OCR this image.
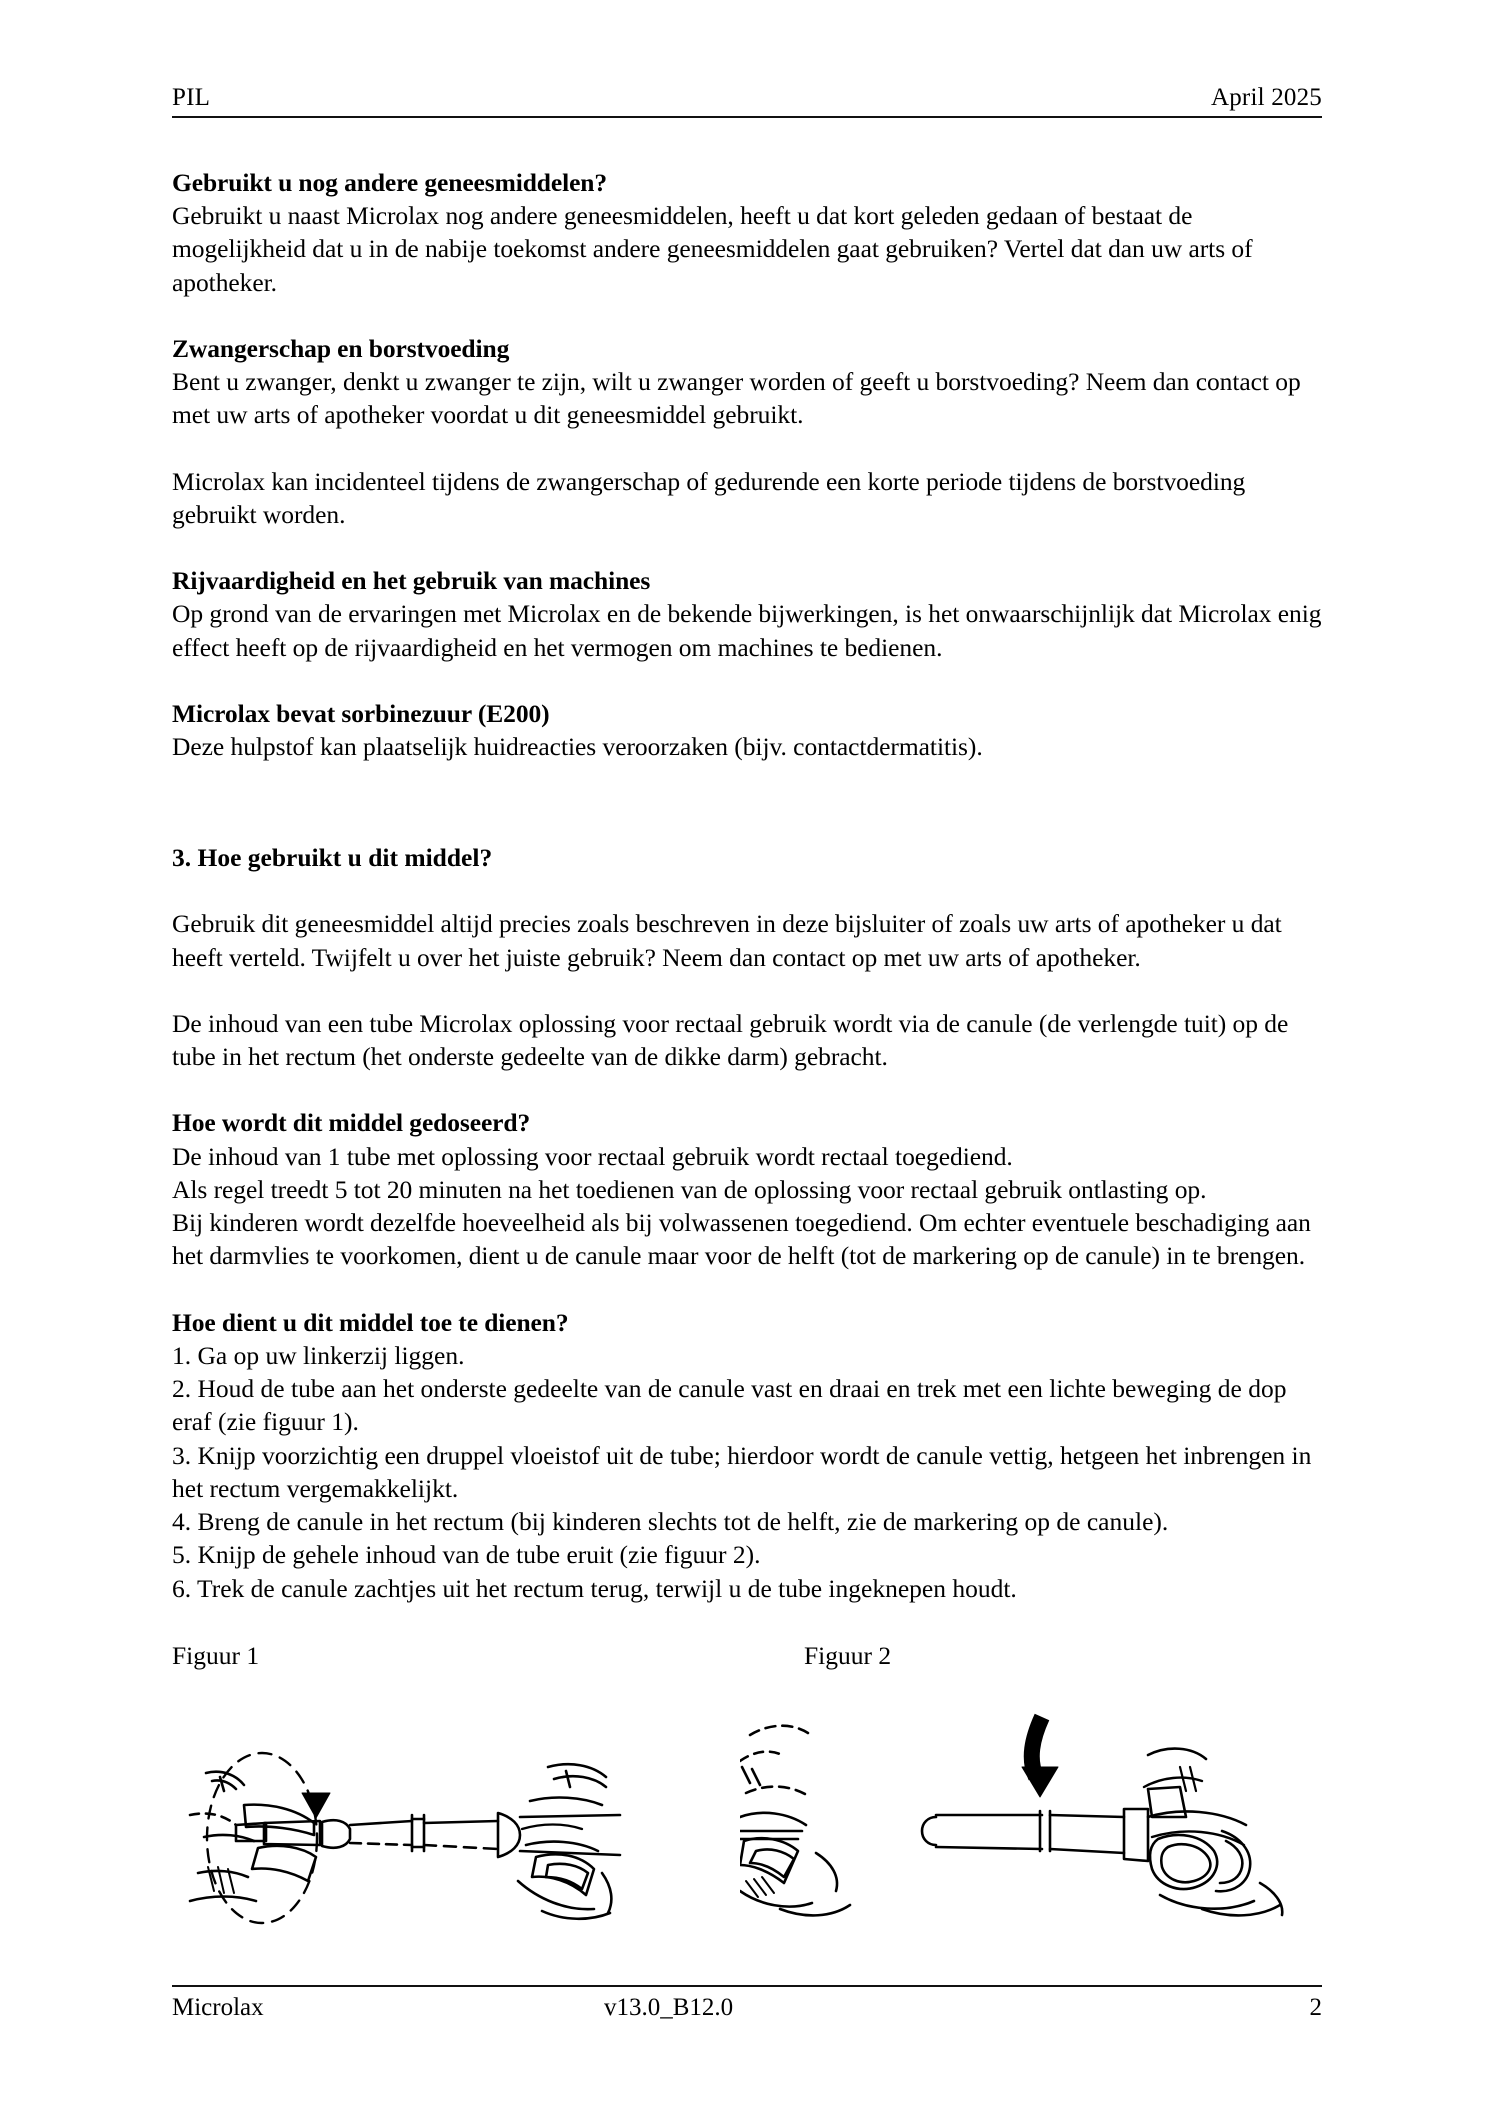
PIL	April 2025
Gebruikt u nog andere geneesmiddelen?

Gebruikt u naast Microlax nog andere geneesmiddelen, heeft u dat kort geleden gedaan of bestaat de mogelijkheid dat u in de nabije toekomst andere geneesmiddelen gaat gebruiken? Vertel dat dan uw arts of apotheker.

Zwangerschap en borstvoeding

Bent u zwanger, denkt u zwanger te zijn, wilt u zwanger worden of geeft u borstvoeding? Neem dan contact op met uw arts of apotheker voordat u dit geneesmiddel gebruikt.

Microlax kan incidenteel tijdens de zwangerschap of gedurende een korte periode tijdens de borstvoeding gebruikt worden.

Rijvaardigheid en het gebruik van machines

Op grond van de ervaringen met Microlax en de bekende bijwerkingen, is het onwaarschijnlijk dat Microlax enig effect heeft op de rijvaardigheid en het vermogen om machines te bedienen.

Microlax bevat sorbinezuur (E200)

Deze hulpstof kan plaatselijk huidreacties veroorzaken (bijv. contactdermatitis).

3. Hoe gebruikt u dit middel?

Gebruik dit geneesmiddel altijd precies zoals beschreven in deze bijsluiter of zoals uw arts of apotheker u dat heeft verteld. Twijfelt u over het juiste gebruik? Neem dan contact op met uw arts of apotheker.

De inhoud van een tube Microlax oplossing voor rectaal gebruik wordt via de canule (de verlengde tuit) op de tube in het rectum (het onderste gedeelte van de dikke darm) gebracht.

Hoe wordt dit middel gedoseerd?

De inhoud van 1 tube met oplossing voor rectaal gebruik wordt rectaal toegediend.

Als regel treedt 5 tot 20 minuten na het toedienen van de oplossing voor rectaal gebruik ontlasting op.

Bij kinderen wordt dezelfde hoeveelheid als bij volwassenen toegediend. Om echter eventuele beschadiging aan het darmvlies te voorkomen, dient u de canule maar voor de helft (tot de markering op de canule) in te brengen.

Hoe dient u dit middel toe te dienen?
1. Ga op uw linkerzij liggen.
2. Houd de tube aan het onderste gedeelte van de canule vast en draai en trek met een lichte beweging de dop eraf (zie figuur 1).
3. Knijp voorzichtig een druppel vloeistof uit de tube; hierdoor wordt de canule vettig, hetgeen het inbrengen in het rectum vergemakkelijkt.
4. Breng de canule in het rectum (bij kinderen slechts tot de helft, zie de markering op de canule).
5. Knijp de gehele inhoud van de tube eruit (zie figuur 2).
6. Trek de canule zachtjes uit het rectum terug, terwijl u de tube ingeknepen houdt.
Figuur 1	Figuur 2
Microlax	v13.0_B12.0	2
